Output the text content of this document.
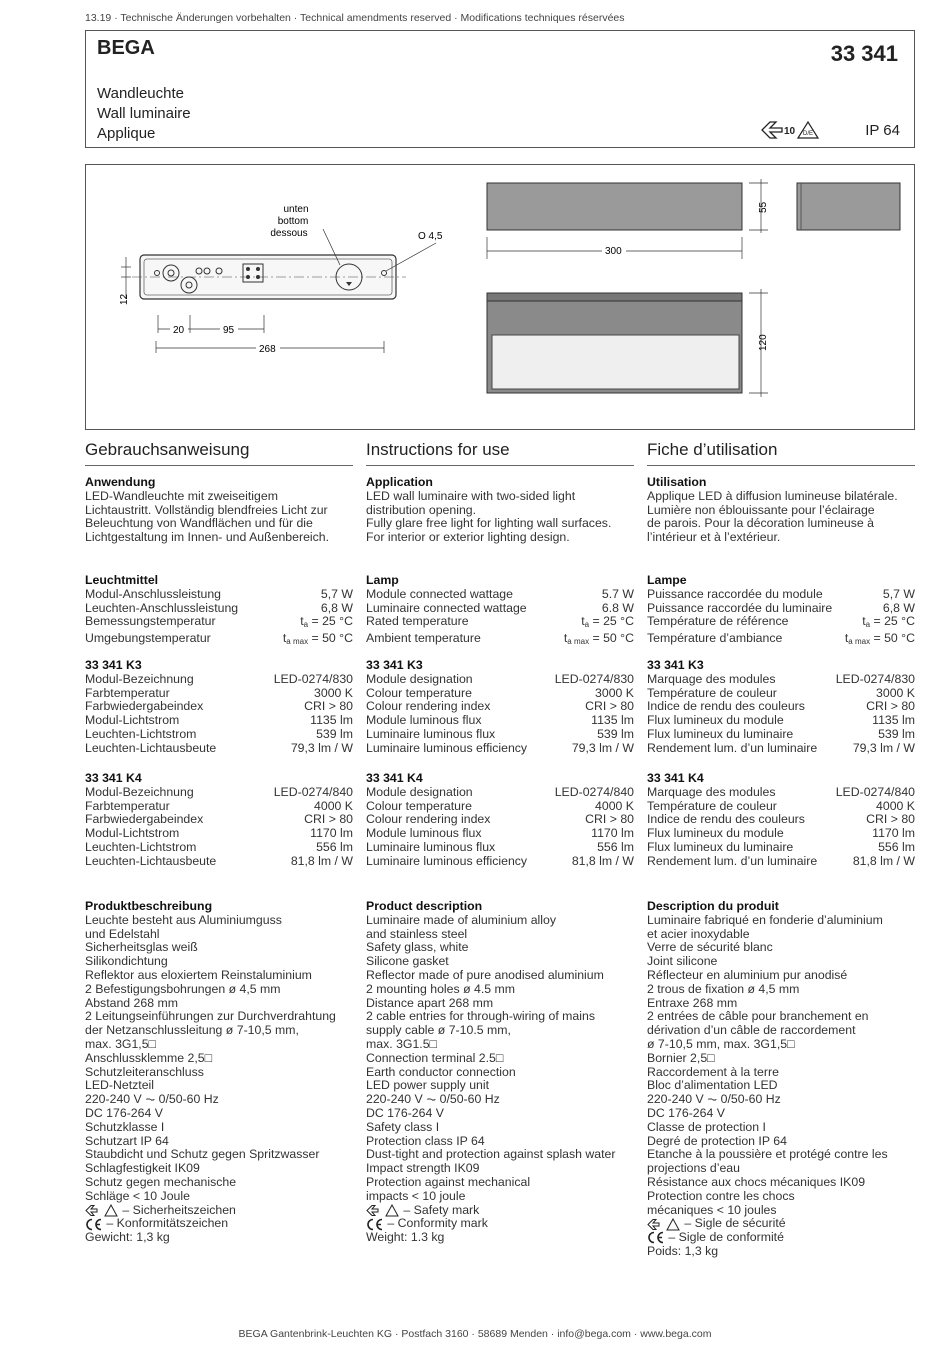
13.19 · Technische Änderungen vorbehalten · Technical amendments reserved · Modifications techniques réservées
BEGA	33 341
Wandleuchte
Wall luminaire
Applique	10 D/E	IP 64
unten
bottom
dessous	O 4,5
12
20	95
268
300
55
120
Gebrauchsanweisung
Anwendung
LED-Wandleuchte mit zweiseitigem
Lichtaustritt. Vollständig blendfreies Licht zur
Beleuchtung von Wandflächen und für die
Lichtgestaltung im Innen- und Außenbereich.
Leuchtmittel
Modul-Anschlussleistung	5,7 W
Leuchten-Anschlussleistung	6,8 W
Bemessungstemperatur	$t_a = 25$ °C
Umgebungstemperatur	$t_{a max} = 50$ °C
33 341 K3
Modul-Bezeichnung	LED-0274/830
Farbtemperatur	3000 K
Farbwiedergabeindex	CRI > 80
Modul-Lichtstrom	1135 lm
Leuchten-Lichtstrom	539 lm
Leuchten-Lichtausbeute	79,3 lm / W
33 341 K4
Modul-Bezeichnung	LED-0274/840
Farbtemperatur	4000 K
Farbwiedergabeindex	CRI > 80
Modul-Lichtstrom	1170 lm
Leuchten-Lichtstrom	556 lm
Leuchten-Lichtausbeute	81,8 lm / W
Produktbeschreibung
Leuchte besteht aus Aluminiumguss
und Edelstahl
Sicherheitsglas weiß
Silikondichtung
Reflektor aus eloxiertem Reinstaluminium
2 Befestigungsbohrungen ø 4,5 mm
Abstand 268 mm
2 Leitungseinführungen zur Durchverdrahtung
der Netzanschlussleitung ø 7-10,5 mm,
max. 3G1,5□
Anschlussklemme 2,5□
Schutzleiteranschluss
LED-Netzteil
220-240 V ⏦ 0/50-60 Hz
DC 176-264 V
Schutzklasse I
Schutzart IP 64
Staubdicht und Schutz gegen Spritzwasser
Schlagfestigkeit IK09
Schutz gegen mechanische
Schläge < 10 Joule
– Sicherheitszeichen
– Konformitätszeichen
Gewicht: 1,3 kg
Instructions for use
Application
LED wall luminaire with two-sided light
distribution opening.
Fully glare free light for lighting wall surfaces.
For interior or exterior lighting design.
Lamp
Module connected wattage	5.7 W
Luminaire connected wattage	6.8 W
Rated temperature	$t_a = 25$ °C
Ambient temperature	$t_{a max} = 50$ °C
33 341 K3
Module designation	LED-0274/830
Colour temperature	3000 K
Colour rendering index	CRI > 80
Module luminous flux	1135 lm
Luminaire luminous flux	539 lm
Luminaire luminous efficiency	79,3 lm / W
33 341 K4
Module designation	LED-0274/840
Colour temperature	4000 K
Colour rendering index	CRI > 80
Module luminous flux	1170 lm
Luminaire luminous flux	556 lm
Luminaire luminous efficiency	81,8 lm / W
Product description
Luminaire made of aluminium alloy
and stainless steel
Safety glass, white
Silicone gasket
Reflector made of pure anodised aluminium
2 mounting holes ø 4.5 mm
Distance apart 268 mm
2 cable entries for through-wiring of mains
supply cable ø 7-10.5 mm,
max. 3G1.5□
Connection terminal 2.5□
Earth conductor connection
LED power supply unit
220-240 V ⏦ 0/50-60 Hz
DC 176-264 V
Safety class I
Protection class IP 64
Dust-tight and protection against splash water
Impact strength IK09
Protection against mechanical
impacts < 10 joule
– Safety mark
– Conformity mark
Weight: 1.3 kg
Fiche d’utilisation
Utilisation
Applique LED à diffusion lumineuse bilatérale.
Lumière non éblouissante pour l’éclairage
de parois. Pour la décoration lumineuse à
l’intérieur et à l’extérieur.
Lampe
Puissance raccordée du module	5,7 W
Puissance raccordée du luminaire	6,8 W
Température de référence	$t_a = 25$ °C
Température d’ambiance	$t_{a max} = 50$ °C
33 341 K3
Marquage des modules	LED-0274/830
Température de couleur	3000 K
Indice de rendu des couleurs	CRI > 80
Flux lumineux du module	1135 lm
Flux lumineux du luminaire	539 lm
Rendement lum. d’un luminaire	79,3 lm / W
33 341 K4
Marquage des modules	LED-0274/840
Température de couleur	4000 K
Indice de rendu des couleurs	CRI > 80
Flux lumineux du module	1170 lm
Flux lumineux du luminaire	556 lm
Rendement lum. d’un luminaire	81,8 lm / W
Description du produit
Luminaire fabriqué en fonderie d’aluminium
et acier inoxydable
Verre de sécurité blanc
Joint silicone
Réflecteur en aluminium pur anodisé
2 trous de fixation ø 4,5 mm
Entraxe 268 mm
2 entrées de câble pour branchement en
dérivation d’un câble de raccordement
ø 7-10,5 mm, max. 3G1,5□
Bornier 2,5□
Raccordement à la terre
Bloc d’alimentation LED
220-240 V ⏦ 0/50-60 Hz
DC 176-264 V
Classe de protection I
Degré de protection IP 64
Etanche à la poussière et protégé contre les
projections d’eau
Résistance aux chocs mécaniques IK09
Protection contre les chocs
mécaniques < 10 joules
– Sigle de sécurité
– Sigle de conformité
Poids: 1,3 kg
BEGA Gantenbrink-Leuchten KG · Postfach 3160 · 58689 Menden · info@bega.com · www.bega.com
